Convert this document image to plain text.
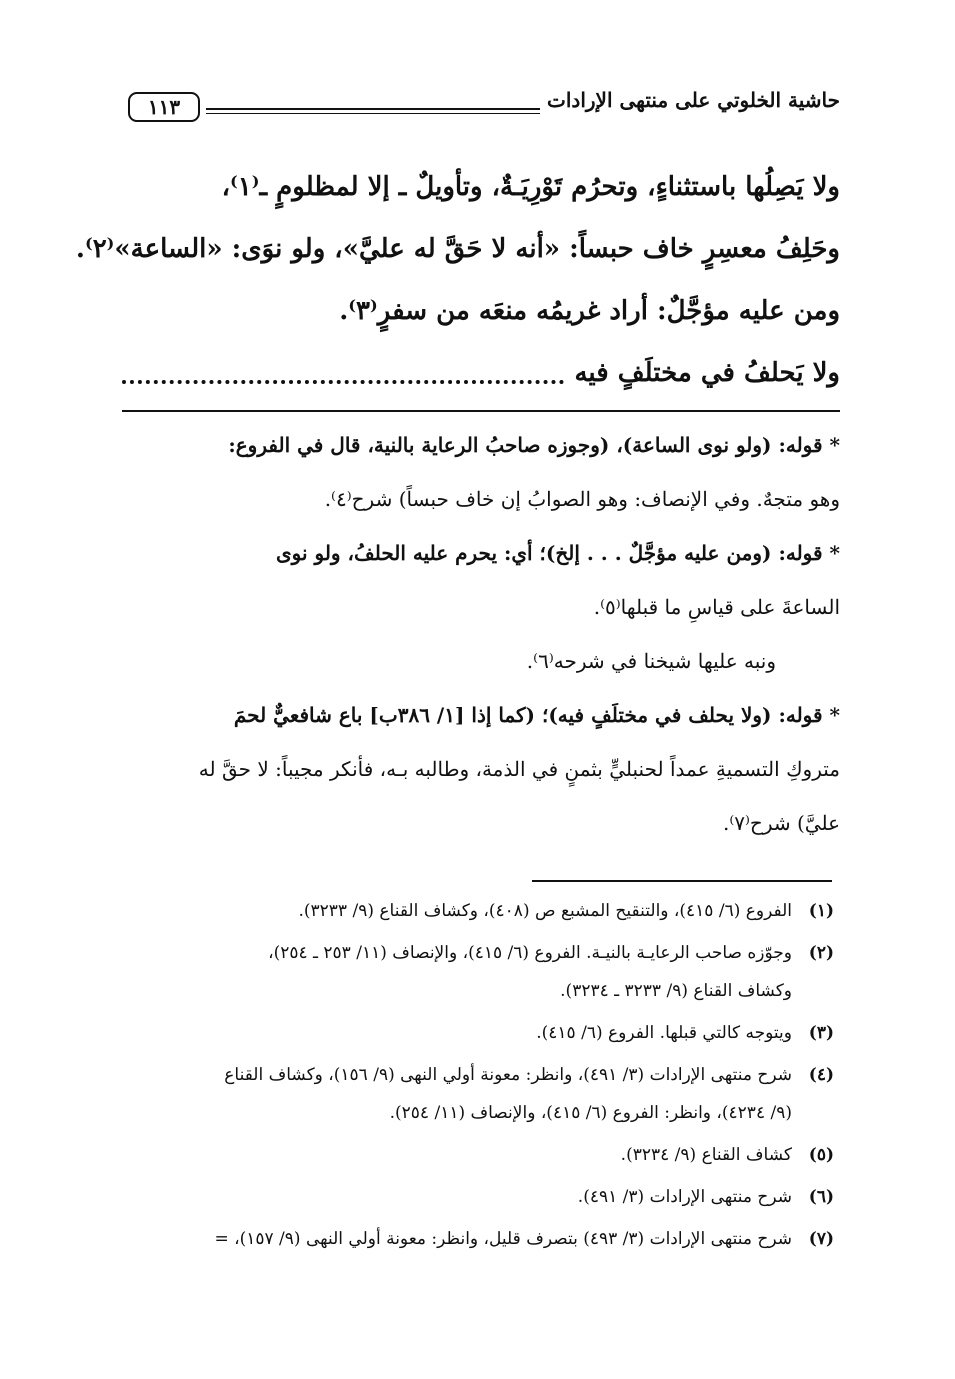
حاشية الخلوتي على منتهى الإرادات
١١٣

ولا يَصِلُها باستثناءٍ، وتحرُم تَوْرِيَـةٌ، وتأويلٌ ـ إلا لمظلومٍ ـ⁽١⁾،

وحَلِفُ معسِرٍ خاف حبساً: «أنه لا حَقَّ له عليَّ»، ولو نوَى: «الساعة»⁽٢⁾.

ومن عليه مؤجَّلٌ: أراد غريمُه منعَه من سفرٍ⁽٣⁾.

ولا يَحلفُ في مختلَفٍ فيه

* قوله: (ولو نوى الساعة)، (وجوزه صاحبُ الرعاية بالنية، قال في الفروع:

وهو متجهٌ. وفي الإنصاف: وهو الصوابُ إن خاف حبساً) شرح⁽٤⁾.

* قوله: (ومن عليه مؤجَّلٌ . . . إلخ)؛ أي: يحرم عليه الحلفُ، ولو نوى

الساعةَ على قياسِ ما قبلها⁽٥⁾.

ونبه عليها شيخنا في شرحه⁽٦⁾.

* قوله: (ولا يحلف في مختلَفٍ فيه)؛ (كما إذا [١/ ٣٨٦ب] باع شافعيٌّ لحمَ

متروكِ التسميةِ عمداً لحنبليٍّ بثمنٍ في الذمة، وطالبه بـه، فأنكر مجيباً: لا حقَّ له

عليَّ) شرح⁽٧⁾.

(١)
الفروع (٦/ ٤١٥)، والتنقيح المشبع ص (٤٠٨)، وكشاف القناع (٩/ ٣٢٣٣).
(٢)
وجوّزه صاحب الرعايـة بالنيـة. الفروع (٦/ ٤١٥)، والإنصاف (١١/ ٢٥٣ ـ ٢٥٤)،
وكشاف القناع (٩/ ٣٢٣٣ ـ ٣٢٣٤).
(٣)
ويتوجه كالتي قبلها. الفروع (٦/ ٤١٥).
(٤)
شرح منتهى الإرادات (٣/ ٤٩١)، وانظر: معونة أولي النهى (٩/ ١٥٦)، وكشاف القناع
(٩/ ٤٢٣٤)، وانظر: الفروع (٦/ ٤١٥)، والإنصاف (١١/ ٢٥٤).
(٥)
كشاف القناع (٩/ ٣٢٣٤).
(٦)
شرح منتهى الإرادات (٣/ ٤٩١).
(٧)
شرح منتهى الإرادات (٣/ ٤٩٣) بتصرف قليل، وانظر: معونة أولي النهى (٩/ ١٥٧)، =
